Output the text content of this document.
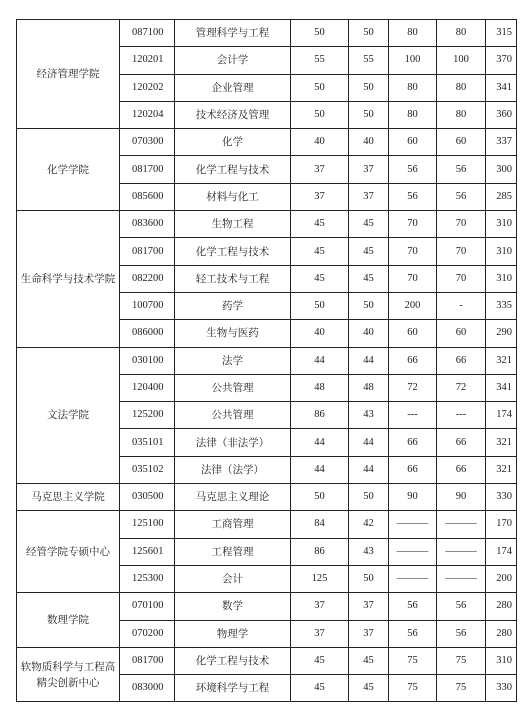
经济管理学院	087100	管理科学与工程	50	50	80	80	315
	120201	会计学	55	55	100	100	370
	120202	企业管理	50	50	80	80	341
	120204	技术经济及管理	50	50	80	80	360
化学学院	070300	化学	40	40	60	60	337
	081700	化学工程与技术	37	37	56	56	300
	085600	材料与化工	37	37	56	56	285
生命科学与技术学院	083600	生物工程	45	45	70	70	310
	081700	化学工程与技术	45	45	70	70	310
	082200	轻工技术与工程	45	45	70	70	310
	100700	药学	50	50	200	-	335
	086000	生物与医药	40	40	60	60	290
文法学院	030100	法学	44	44	66	66	321
	120400	公共管理	48	48	72	72	341
	125200	公共管理	86	43	---	---	174
	035101	法律（非法学）	44	44	66	66	321
	035102	法律（法学）	44	44	66	66	321
马克思主义学院	030500	马克思主义理论	50	50	90	90	330
经管学院专硕中心	125100	工商管理	84	42	———	———	170
	125601	工程管理	86	43	———	———	174
	125300	会计	125	50	———	———	200
数理学院	070100	数学	37	37	56	56	280
	070200	物理学	37	37	56	56	280
软物质科学与工程高精尖创新中心	081700	化学工程与技术	45	45	75	75	310
	083000	环境科学与工程	45	45	75	75	330
